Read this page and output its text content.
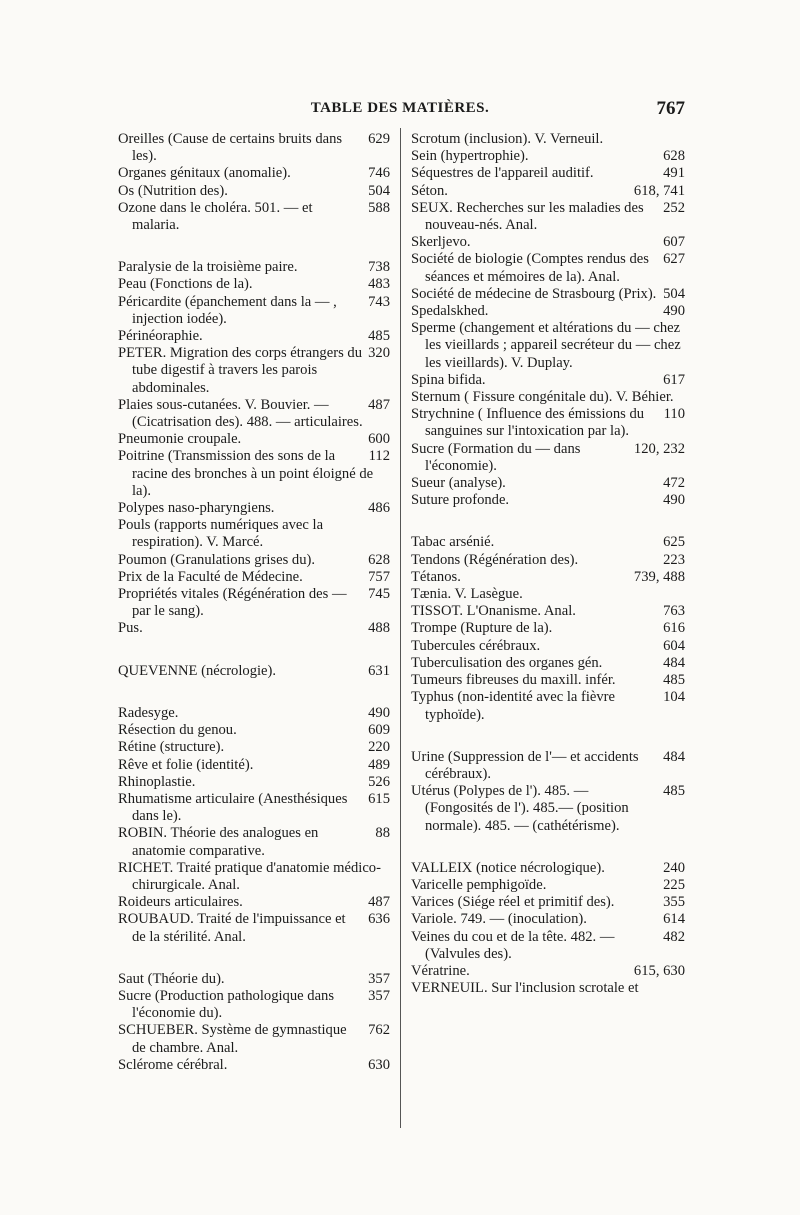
TABLE DES MATIÈRES.	767
629
Oreilles (Cause de certains bruits dans les).
746
Organes génitaux (anomalie).
504
Os (Nutrition des).
588
Ozone dans le choléra. 501. — et malaria.
738
Paralysie de la troisième paire.
483
Peau (Fonctions de la).
743
Péricardite (épanchement dans la — , injection iodée).
485
Périnéoraphie.
320
PETER. Migration des corps étrangers du tube digestif à travers les parois abdominales.
487
Plaies sous-cutanées. V. Bouvier. — (Cicatrisation des). 488. — articulaires.
600
Pneumonie croupale.
112
Poitrine (Transmission des sons de la racine des bronches à un point éloigné de la).
486
Polypes naso-pharyngiens.
Pouls (rapports numériques avec la respiration). V. Marcé.
628
Poumon (Granulations grises du).
757
Prix de la Faculté de Médecine.
745
Propriétés vitales (Régénération des — par le sang).
488
Pus.
631
QUEVENNE (nécrologie).
490
Radesyge.
609
Résection du genou.
220
Rétine (structure).
489
Rêve et folie (identité).
526
Rhinoplastie.
615
Rhumatisme articulaire (Anesthésiques dans le).
88
ROBIN. Théorie des analogues en anatomie comparative.
RICHET. Traité pratique d'anatomie médico-chirurgicale. Anal.
487
Roideurs articulaires.
636
ROUBAUD. Traité de l'impuissance et de la stérilité. Anal.
357
Saut (Théorie du).
357
Sucre (Production pathologique dans l'économie du).
762
SCHUEBER. Système de gymnastique de chambre. Anal.
630
Sclérome cérébral.
Scrotum (inclusion). V. Verneuil.
628
Sein (hypertrophie).
491
Séquestres de l'appareil auditif.
618, 741
Séton.
252
SEUX. Recherches sur les maladies des nouveau-nés. Anal.
607
Skerljevo.
627
Société de biologie (Comptes rendus des séances et mémoires de la). Anal.
504
Société de médecine de Strasbourg (Prix).
490
Spedalskhed.
Sperme (changement et altérations du — chez les vieillards ; appareil secréteur du — chez les vieillards). V. Duplay.
617
Spina bifida.
Sternum ( Fissure congénitale du). V. Béhier.
110
Strychnine ( Influence des émissions du sanguines sur l'intoxication par la).
120, 232
Sucre (Formation du — dans l'économie).
472
Sueur (analyse).
490
Suture profonde.
625
Tabac arsénié.
223
Tendons (Régénération des).
739, 488
Tétanos.
Tænia. V. Lasègue.
763
TISSOT. L'Onanisme. Anal.
616
Trompe (Rupture de la).
604
Tubercules cérébraux.
484
Tuberculisation des organes gén.
485
Tumeurs fibreuses du maxill. infér.
104
Typhus (non-identité avec la fièvre typhoïde).
484
Urine (Suppression de l'— et accidents cérébraux).
485
Utérus (Polypes de l'). 485. — (Fongosités de l'). 485.— (position normale). 485. — (cathétérisme).
240
VALLEIX (notice nécrologique).
225
Varicelle pemphigoïde.
355
Varices (Siége réel et primitif des).
614
Variole. 749. — (inoculation).
482
Veines du cou et de la tête. 482. — (Valvules des).
615, 630
Vératrine.
VERNEUIL. Sur l'inclusion scrotale et
